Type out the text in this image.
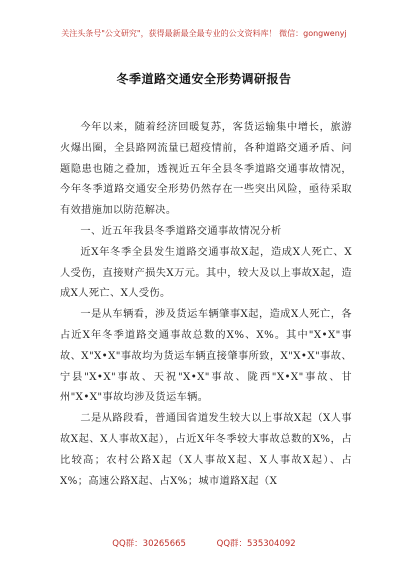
关注头条号"公文研究"，获得最新最全最专业的公文资料库！ 微信：gongwenyj
冬季道路交通安全形势调研报告

今年以来，随着经济回暖复苏，客货运输集中增长，旅游火爆出圈，全县路网流量已超疫情前，各种道路交通矛盾、问题隐患也随之叠加，透视近五年全县冬季道路交通事故情况，今年冬季道路交通安全形势仍然存在一些突出风险，亟待采取有效措施加以防范解决。

一、近五年我县冬季道路交通事故情况分析

近X年冬季全县发生道路交通事故X起，造成X人死亡、X人受伤，直接财产损失X万元。其中，较大及以上事故X起，造成X人死亡、X人受伤。

一是从车辆看，涉及货运车辆肇事X起，造成X人死亡，各占近X年冬季道路交通事故总数的X%、X%。其中"X•X"事故、X"X•X"事故均为货运车辆直接肇事所致，X"X•X"事故、宁县"X•X"事故、天祝"X•X"事故、陇西"X•X"事故、甘州"X•X"事故均涉及货运车辆。

二是从路段看，普通国省道发生较大以上事故X起（X人事故X起、X人事故X起），占近X年冬季较大事故总数的X%，占比较高；农村公路X起（X人事故X起、X人事故X起）、占X%；高速公路X起、占X%；城市道路X起（X

QQ群：30265665	QQ群：535304092
